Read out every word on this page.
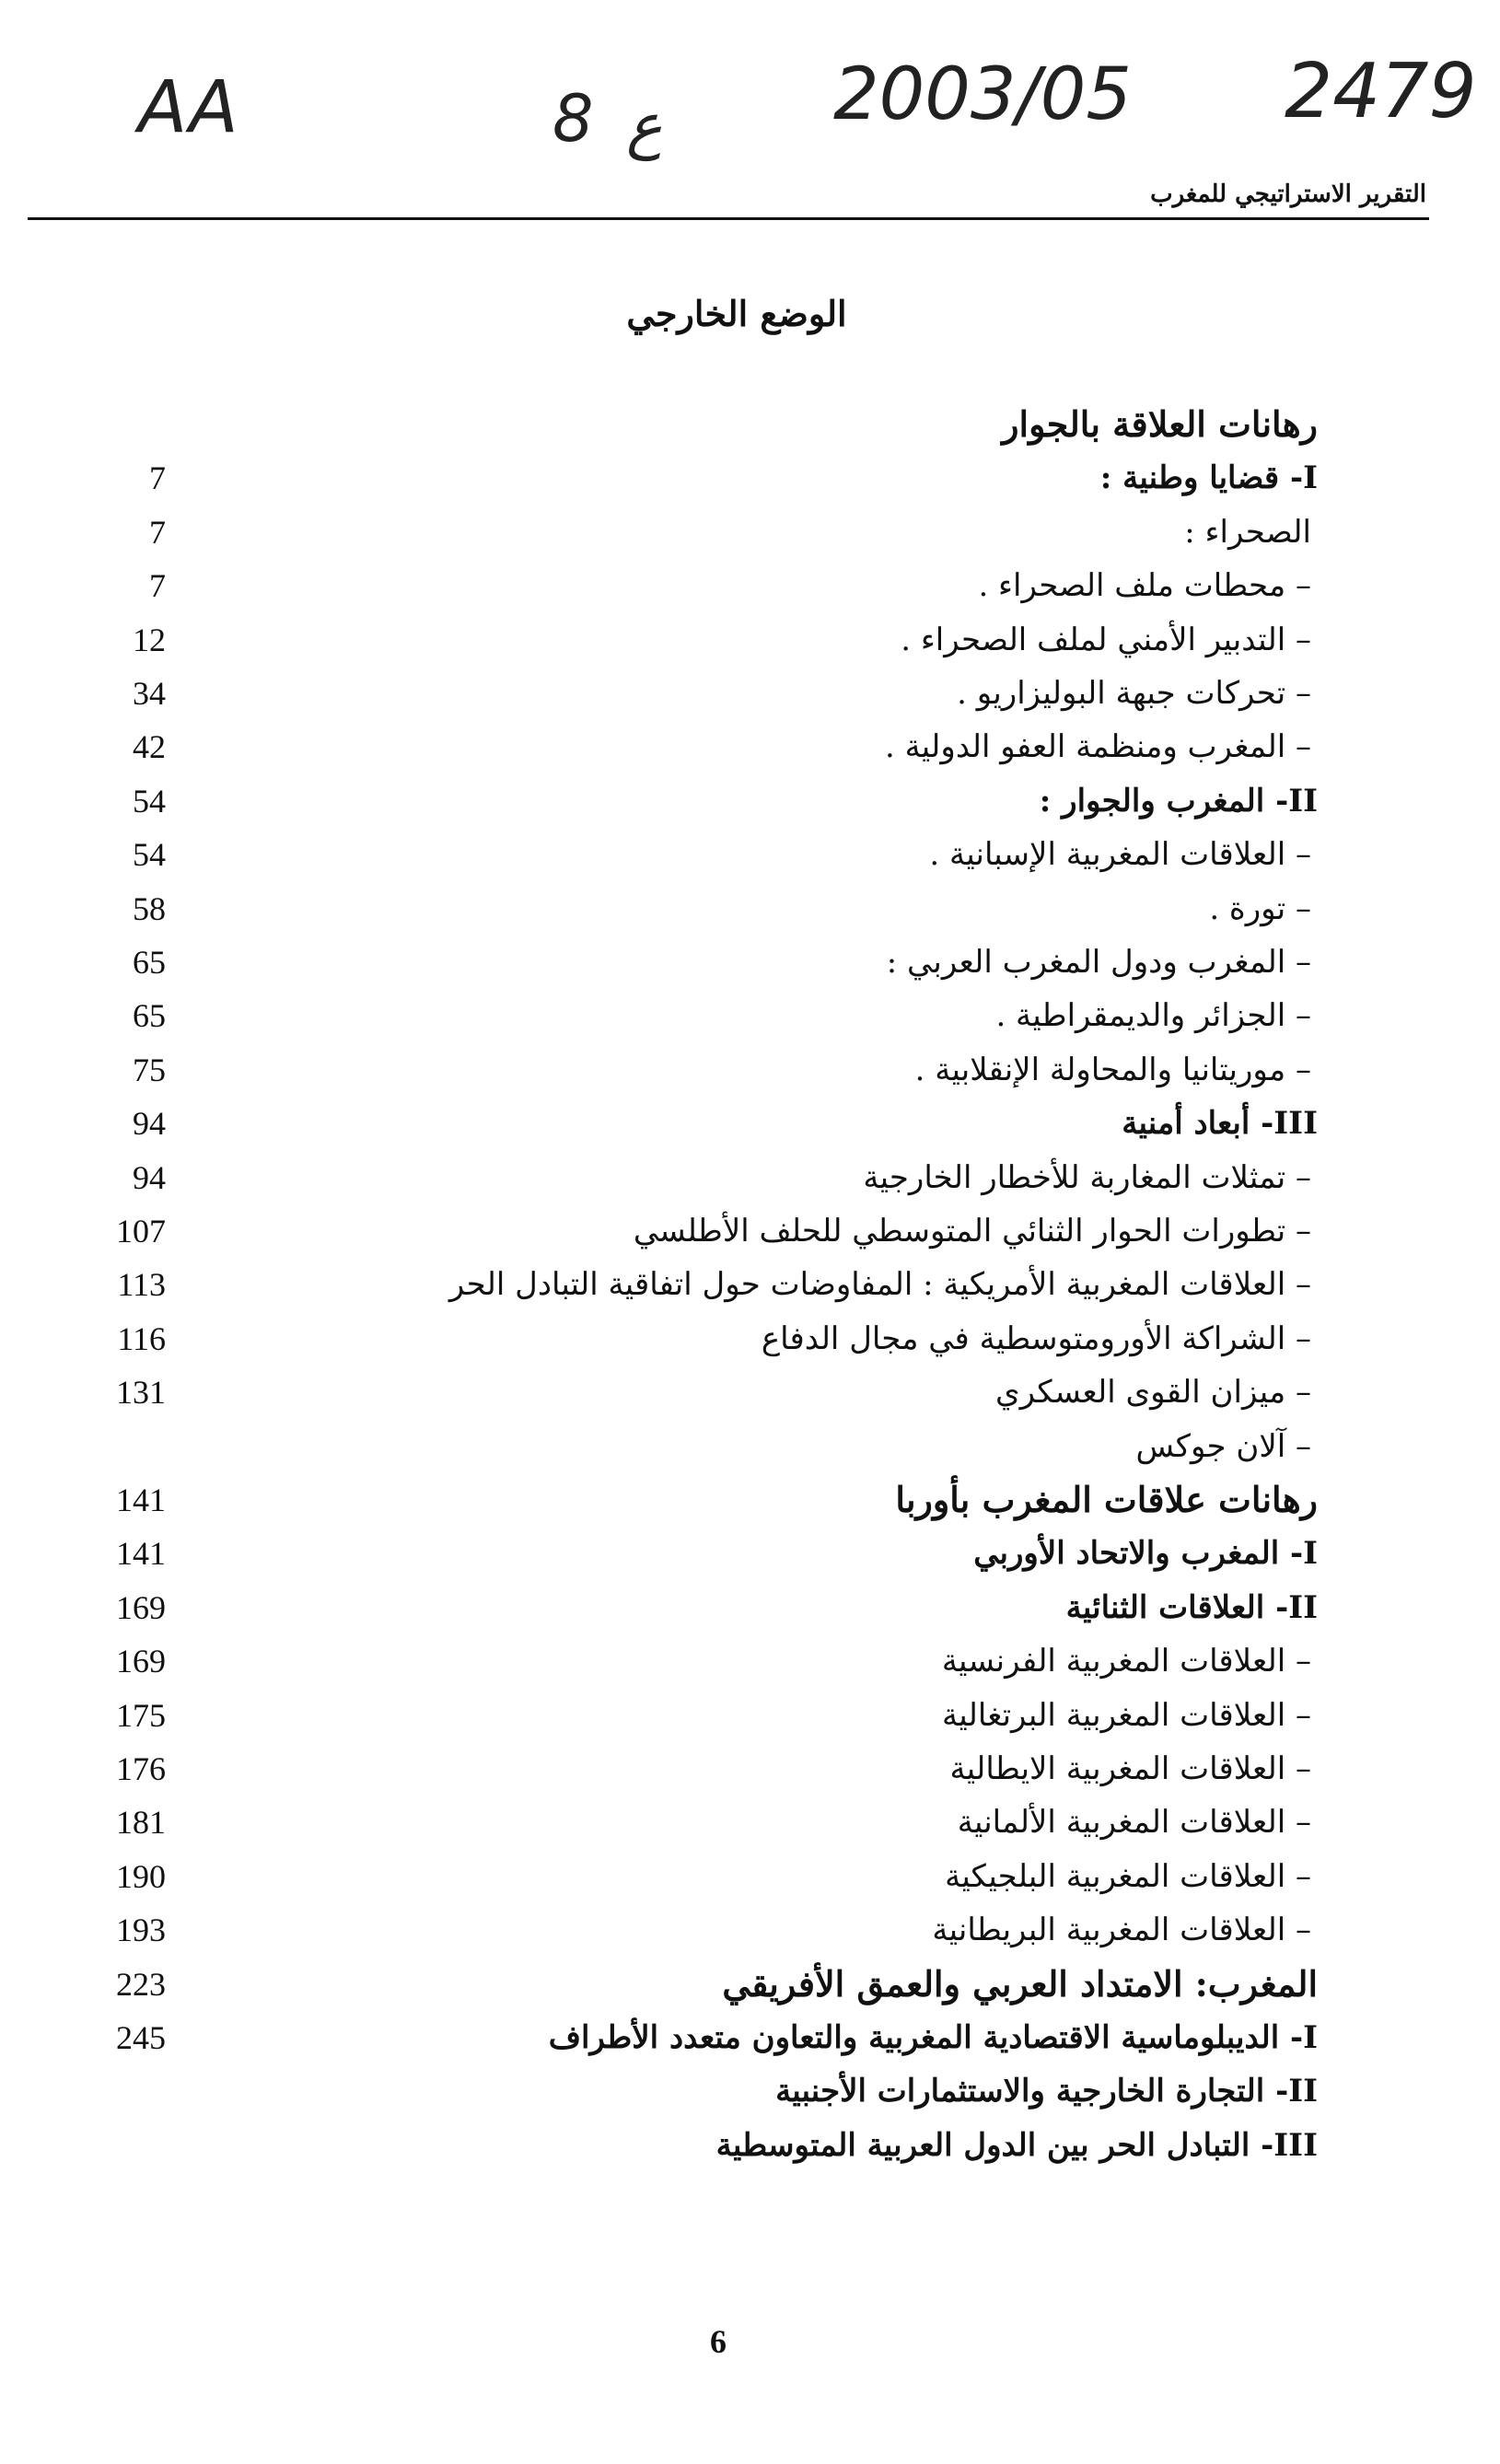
AA	8 ع 2003/05 2479
التقرير الاستراتيجي للمغرب
الوضع الخارجي
رهانات العلاقة بالجوار
7	I- قضايا وطنية :
7	الصحراء :
7	– محطات ملف الصحراء .
12	– التدبير الأمني لملف الصحراء .
34	– تحركات جبهة البوليزاريو .
42	– المغرب ومنظمة العفو الدولية .
54	II- المغرب والجوار :
54	– العلاقات المغربية الإسبانية .
58	– تورة .
65	– المغرب ودول المغرب العربي :
65	– الجزائر والديمقراطية .
75	– موريتانيا والمحاولة الإنقلابية .
94	III- أبعاد أمنية
94	– تمثلات المغاربة للأخطار الخارجية
107	– تطورات الحوار الثنائي المتوسطي للحلف الأطلسي
113	– العلاقات المغربية الأمريكية : المفاوضات حول اتفاقية التبادل الحر
116	– الشراكة الأورومتوسطية في مجال الدفاع
131	– ميزان القوى العسكري
– آلان جوكس
141	رهانات علاقات المغرب بأوربا
141	I- المغرب والاتحاد الأوربي
169	II- العلاقات الثنائية
169	– العلاقات المغربية الفرنسية
175	– العلاقات المغربية البرتغالية
176	– العلاقات المغربية الايطالية
181	– العلاقات المغربية الألمانية
190	– العلاقات المغربية البلجيكية
193	– العلاقات المغربية البريطانية
223	المغرب: الامتداد العربي والعمق الأفريقي
245	I- الديبلوماسية الاقتصادية المغربية والتعاون متعدد الأطراف
II- التجارة الخارجية والاستثمارات الأجنبية
III- التبادل الحر بين الدول العربية المتوسطية
6
